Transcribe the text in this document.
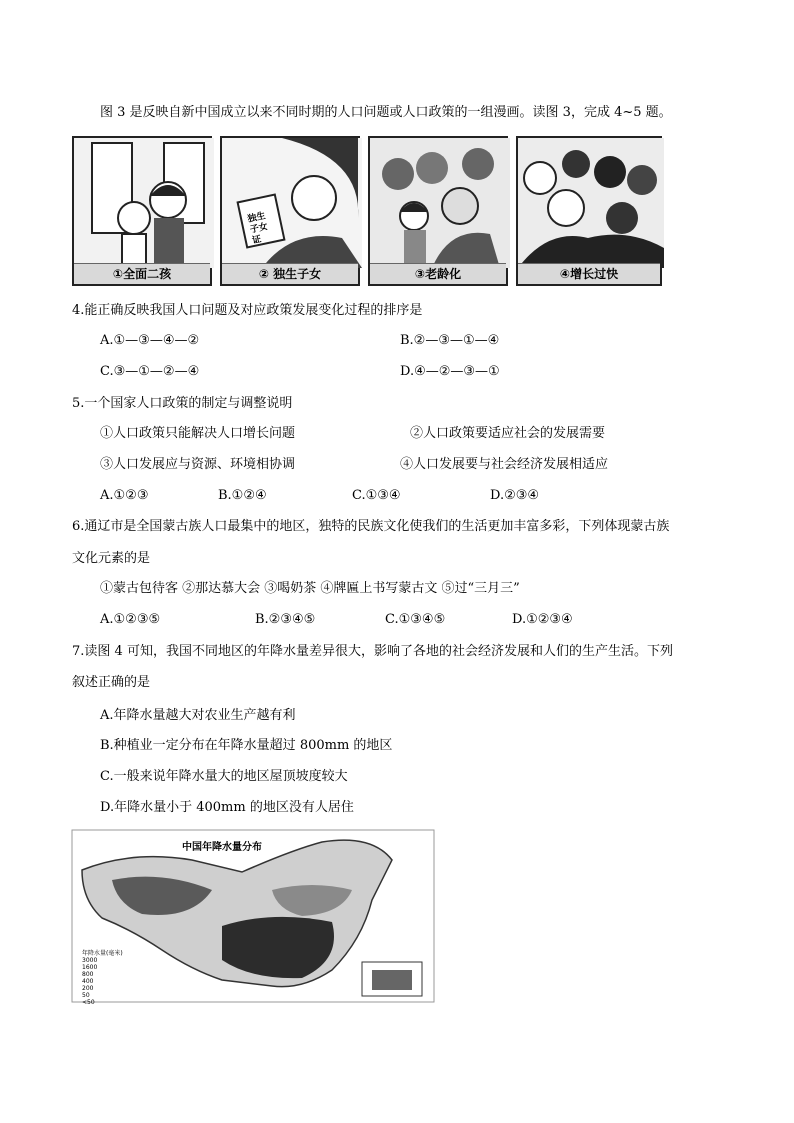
图 3 是反映自新中国成立以来不同时期的人口问题或人口政策的一组漫画。读图 3，完成 4~5 题。
①全面二孩
独生子女证
② 独生子女	③老龄化	④增长过快
4.能正确反映我国人口问题及对应政策发展变化过程的排序是
A.①—③—④—②	B.②—③—①—④
C.③—①—②—④	D.④—②—③—①
5.一个国家人口政策的制定与调整说明
①人口政策只能解决人口增长问题	②人口政策要适应社会的发展需要
③人口发展应与资源、环境相协调	④人口发展要与社会经济发展相适应
A.①②③	B.①②④	C.①③④	D.②③④
6.通辽市是全国蒙古族人口最集中的地区，独特的民族文化使我们的生活更加丰富多彩，下列体现蒙古族
文化元素的是
①蒙古包待客 ②那达慕大会 ③喝奶茶 ④牌匾上书写蒙古文 ⑤过“三月三”
A.①②③⑤	B.②③④⑤	C.①③④⑤	D.①②③④
7.读图 4 可知，我国不同地区的年降水量差异很大，影响了各地的社会经济发展和人们的生产生活。下列
叙述正确的是
A.年降水量越大对农业生产越有利
B.种植业一定分布在年降水量超过 800mm 的地区
C.一般来说年降水量大的地区屋顶坡度较大
D.年降水量小于 400mm 的地区没有人居住
中国年降水量分布
年降水量(毫米)
3000
1600
800
400
200
50
<50
